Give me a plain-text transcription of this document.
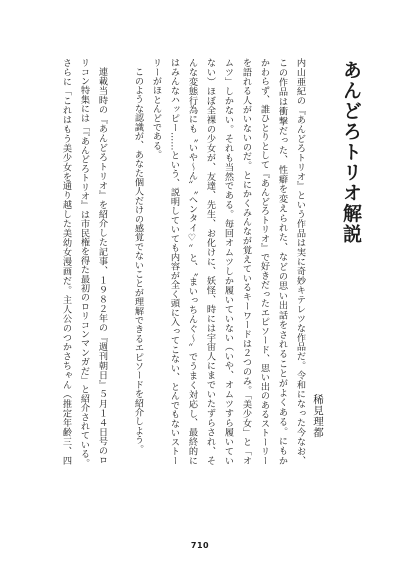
あんどろトリオ解説
稀見理都
内山亜紀の『あんどろトリオ』という作品は実に奇妙キテレツな作品だ。令和になった今なお、
この作品は衝撃だった、性癖を変えられた、などの思い出話をされることがよくある。にもか
かわらず、誰ひとりとして『あんどろトリオ』で好きだったエピソード、思い出のあるストーリー
を語れる人がいないのだ。とにかくみんなが覚えているキーワードは２つのみ。「美少女」と「オ
ムツ」しかない。それも当然である。毎回オムツしか履いていない（いや、オムツすら履いてい
ない）ほぼ全裸の少女が、友達、先生、お化けに、妖怪、時には宇宙人にまでいたずらされ、そ
んな変態行為にも〝いや〜ん〟〝ヘンタイ♡〟と、〝まいっちんぐ〜〟でうまく対応し、最終的に
はみんなハッピー……という、説明していても内容が全く頭に入ってこない、とんでもないストー
リーがほとんどである。
このような認識が、あなた個人だけの感覚でないことが理解できるエピソードを紹介しよう。
連載当時の『あんどろトリオ』を紹介した記事、１９８２年の『週刊朝日』５月１４日号のロ
リコン特集には「『あんどろトリオ』は市民権を得た最初のロリコンマンガだ」と紹介されている。
さらに「これはもう美少女を通り越した美幼女漫画だ。主人公のつかさちゃん（推定年齢三、四
710
